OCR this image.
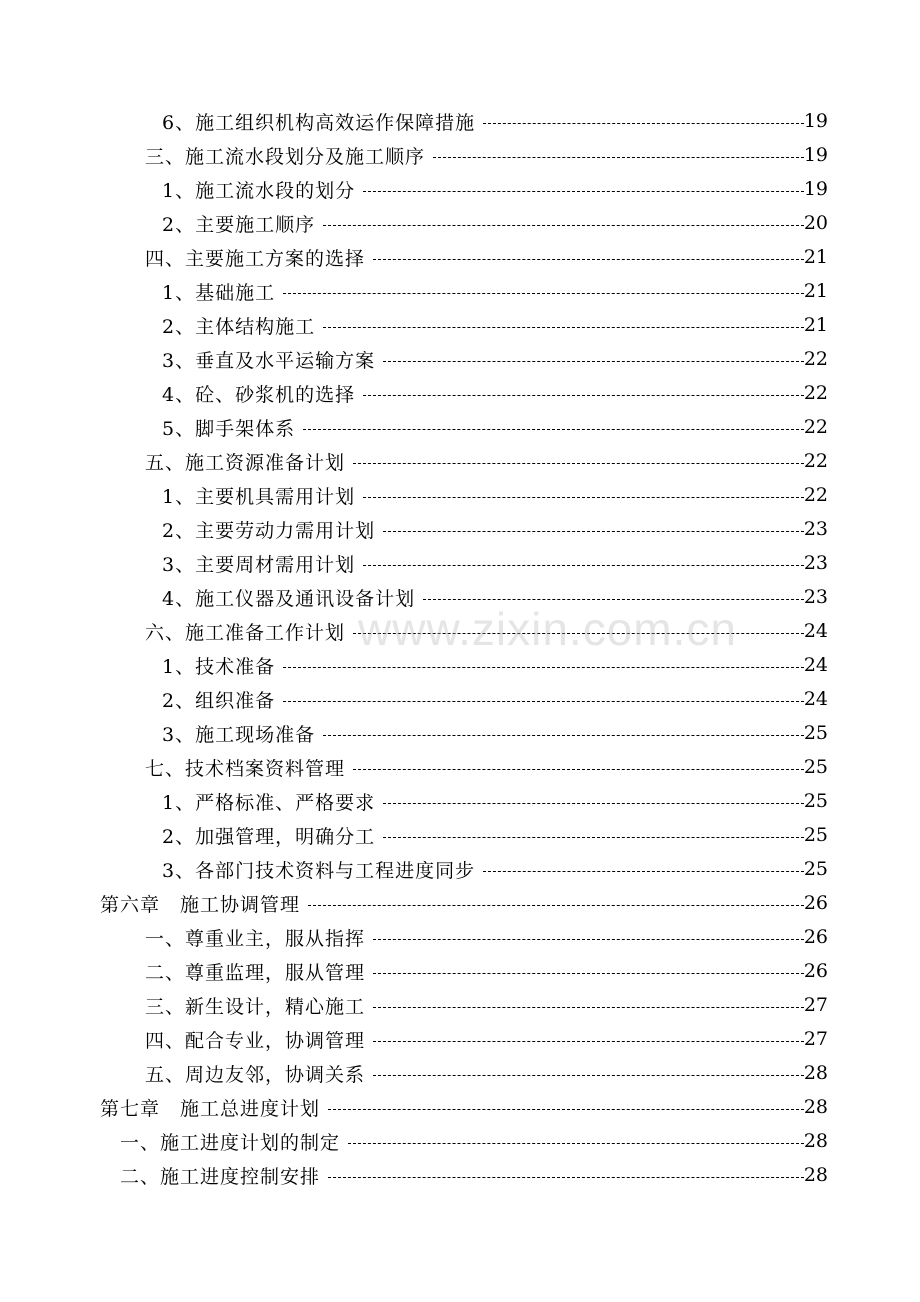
6、施工组织机构高效运作保障措施	19
三、施工流水段划分及施工顺序	19
1、施工流水段的划分	19
2、主要施工顺序	20
四、主要施工方案的选择	21
1、基础施工	21
2、主体结构施工	21
3、垂直及水平运输方案	22
4、砼、砂浆机的选择	22
5、脚手架体系	22
五、施工资源准备计划	22
1、主要机具需用计划	22
2、主要劳动力需用计划	23
3、主要周材需用计划	23
4、施工仪器及通讯设备计划	23
六、施工准备工作计划	24
1、技术准备	24
2、组织准备	24
3、施工现场准备	25
七、技术档案资料管理	25
1、严格标准、严格要求	25
2、加强管理，明确分工	25
3、各部门技术资料与工程进度同步	25
第六章　施工协调管理	26
一、尊重业主，服从指挥	26
二、尊重监理，服从管理	26
三、新生设计，精心施工	27
四、配合专业，协调管理	27
五、周边友邻，协调关系	28
第七章　施工总进度计划	28
一、施工进度计划的制定	28
二、施工进度控制安排	28
www.zixin.com.cn
